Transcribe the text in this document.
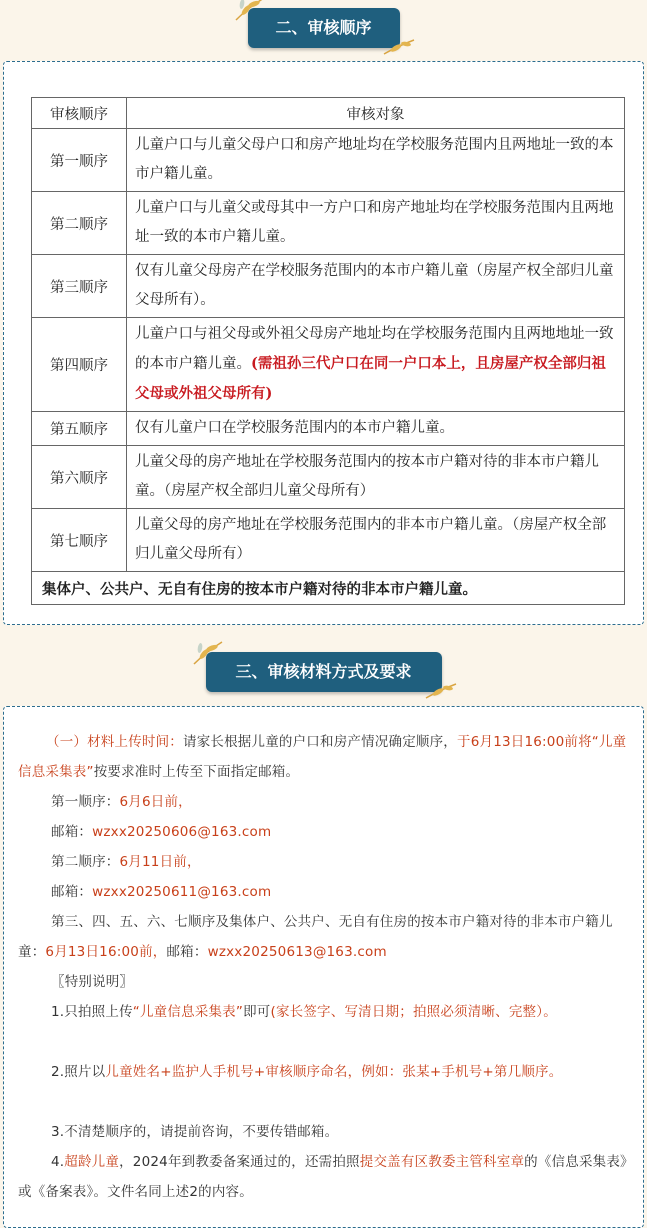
二、审核顺序
审核顺序	审核对象
第一顺序	儿童户口与儿童父母户口和房产地址均在学校服务范围内且两地址一致的本市户籍儿童。
第二顺序	儿童户口与儿童父或母其中一方户口和房产地址均在学校服务范围内且两地址一致的本市户籍儿童。
第三顺序	仅有儿童父母房产在学校服务范围内的本市户籍儿童（房屋产权全部归儿童父母所有）。
第四顺序	儿童户口与祖父母或外祖父母房产地址均在学校服务范围内且两地地址一致的本市户籍儿童。(需祖孙三代户口在同一户口本上，且房屋产权全部归祖父母或外祖父母所有)
第五顺序	仅有儿童户口在学校服务范围内的本市户籍儿童。
第六顺序	儿童父母的房产地址在学校服务范围内的按本市户籍对待的非本市户籍儿童。（房屋产权全部归儿童父母所有）
第七顺序	儿童父母的房产地址在学校服务范围内的非本市户籍儿童。（房屋产权全部归儿童父母所有）
集体户、公共户、无自有住房的按本市户籍对待的非本市户籍儿童。	
三、审核材料方式及要求
（一）材料上传时间：请家长根据儿童的户口和房产情况确定顺序，于6月13日16:00前将“儿童信息采集表”按要求准时上传至下面指定邮箱。
第一顺序：6月6日前，
邮箱：wzxx20250606@163.com
第二顺序：6月11日前，
邮箱：wzxx20250611@163.com
第三、四、五、六、七顺序及集体户、公共户、无自有住房的按本市户籍对待的非本市户籍儿童：6月13日16:00前，邮箱：wzxx20250613@163.com
〖特别说明〗
1.只拍照上传“儿童信息采集表”即可(家长签字、写清日期；拍照必须清晰、完整）。
2.照片以儿童姓名+监护人手机号+审核顺序命名，例如：张某+手机号+第几顺序。
3.不清楚顺序的，请提前咨询，不要传错邮箱。
4.超龄儿童，2024年到教委备案通过的，还需拍照提交盖有区教委主管科室章的《信息采集表》或《备案表》。文件名同上述2的内容。
